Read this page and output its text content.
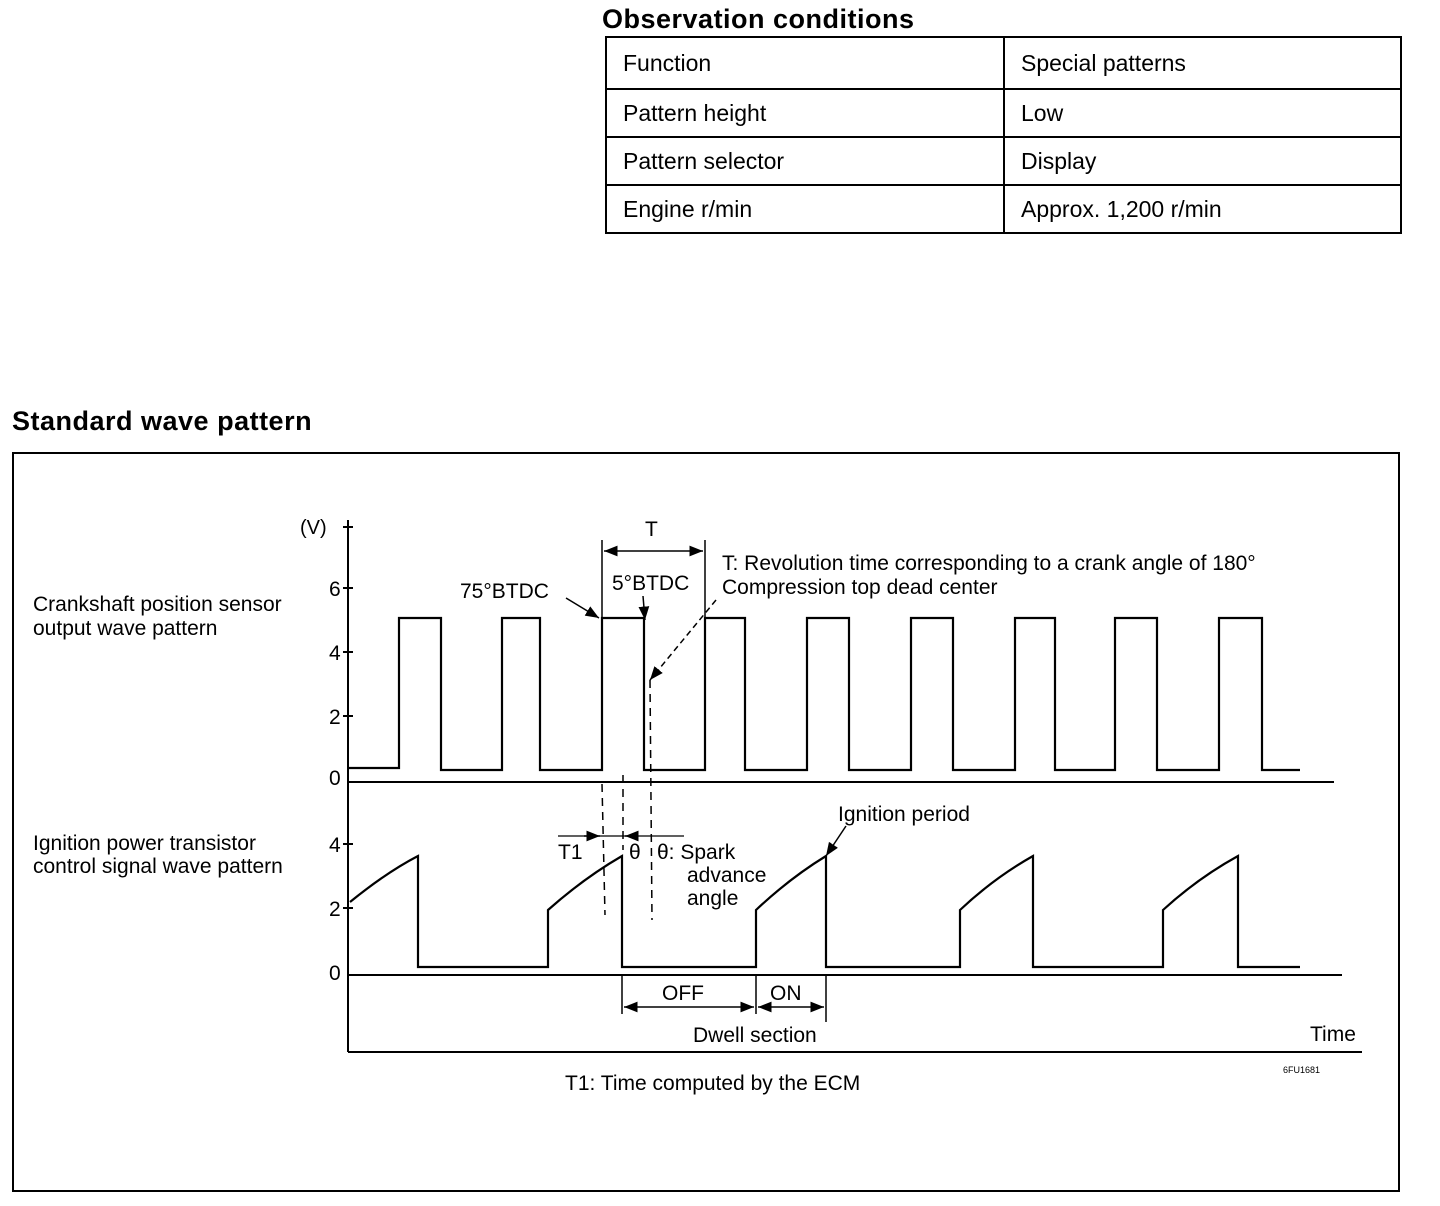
Observation conditions
Function	Special patterns
Pattern height	Low
Pattern selector	Display
Engine r/min	Approx. 1,200 r/min
Standard wave pattern
(V)
6
4
2
0
4
2
0
Crankshaft position sensor
output wave pattern
Ignition power transistor
control signal wave pattern
T
T: Revolution time corresponding to a crank angle of 180°
Compression top dead center
75°BTDC	5°BTDC
T1 θ θ: Spark
advance
angle
Ignition period
OFF	ON
Dwell section	Time
6FU1681
T1: Time computed by the ECM
